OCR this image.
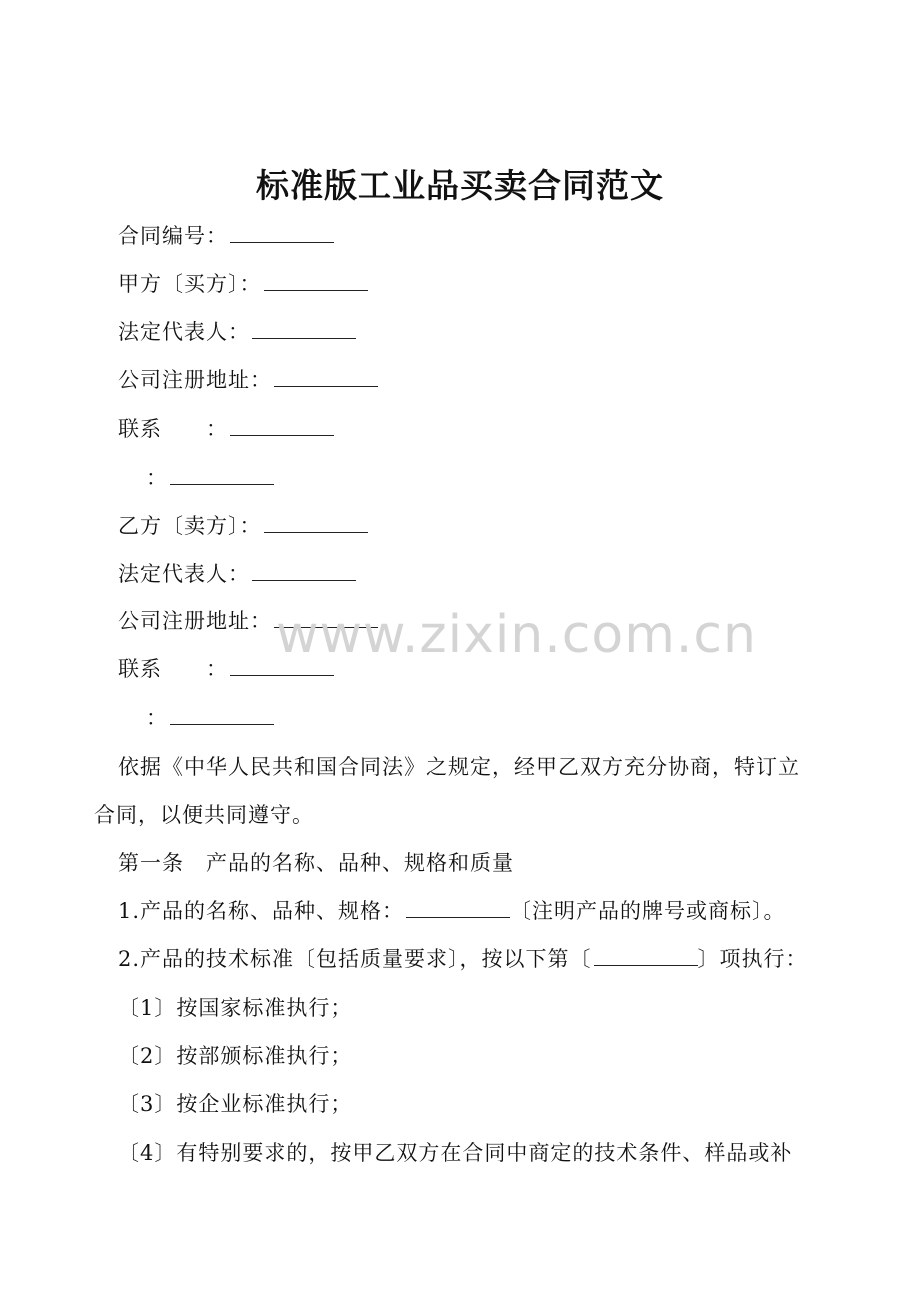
标准版工业品买卖合同范文
合同编号：
甲方〔买方〕：
法定代表人：
公司注册地址：
联系　　：
：
乙方〔卖方〕：
法定代表人：
公司注册地址：
联系　　：
：
依据《中华人民共和国合同法》之规定，经甲乙双方充分协商，特订立
合同，以便共同遵守。
第一条　产品的名称、品种、规格和质量
1.产品的名称、品种、规格：	〔注明产品的牌号或商标〕。
2.产品的技术标准〔包括质量要求〕，按以下第〔	〕项执行：
〔1〕按国家标准执行；
〔2〕按部颁标准执行；
〔3〕按企业标准执行；
〔4〕有特别要求的，按甲乙双方在合同中商定的技术条件、样品或补
www.zixin.com.cn
